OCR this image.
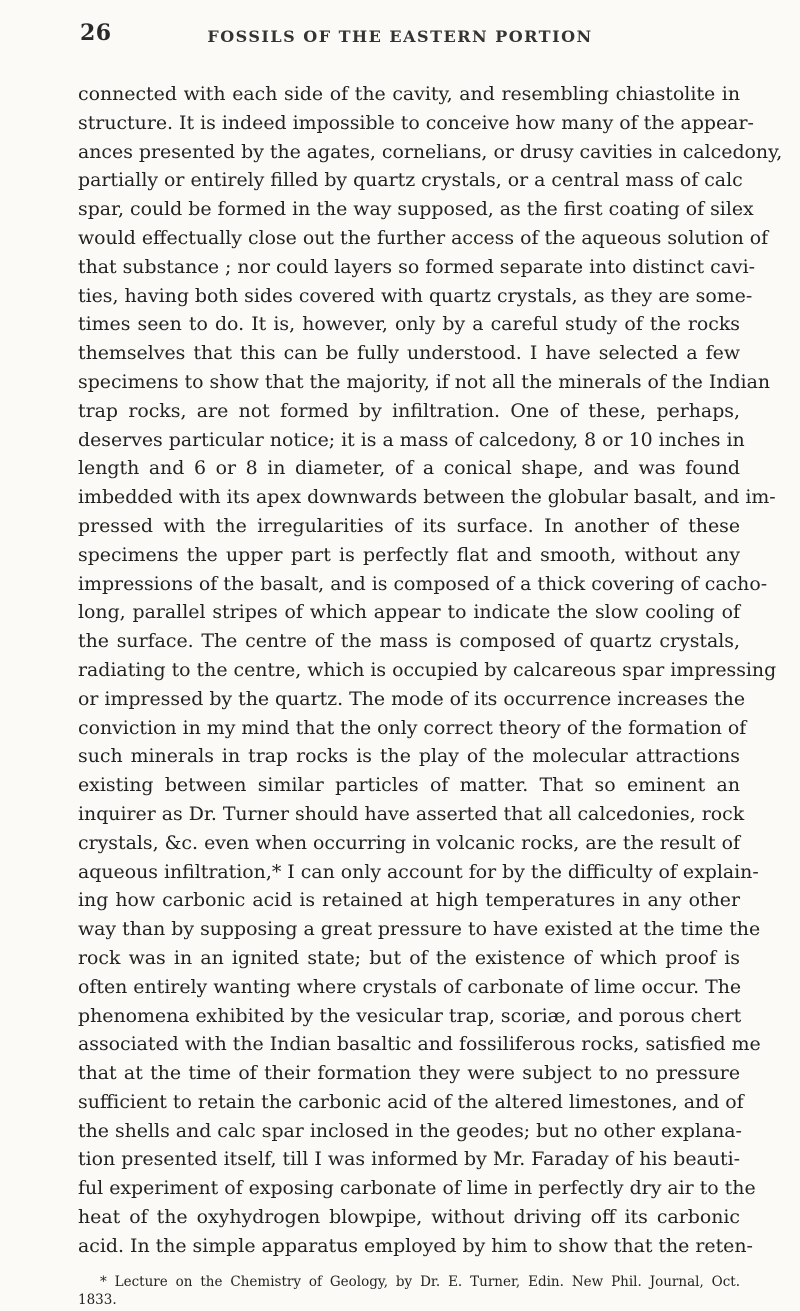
26	FOSSILS OF THE EASTERN PORTION
connected with each side of the cavity, and resembling chiastolite in
structure. It is indeed impossible to conceive how many of the appear-
ances presented by the agates, cornelians, or drusy cavities in calcedony,
partially or entirely filled by quartz crystals, or a central mass of calc
spar, could be formed in the way supposed, as the first coating of silex
would effectually close out the further access of the aqueous solution of
that substance ; nor could layers so formed separate into distinct cavi-
ties, having both sides covered with quartz crystals, as they are some-
times seen to do. It is, however, only by a careful study of the rocks
themselves that this can be fully understood. I have selected a few
specimens to show that the majority, if not all the minerals of the Indian
trap rocks, are not formed by infiltration. One of these, perhaps,
deserves particular notice; it is a mass of calcedony, 8 or 10 inches in
length and 6 or 8 in diameter, of a conical shape, and was found
imbedded with its apex downwards between the globular basalt, and im-
pressed with the irregularities of its surface. In another of these
specimens the upper part is perfectly flat and smooth, without any
impressions of the basalt, and is composed of a thick covering of cacho-
long, parallel stripes of which appear to indicate the slow cooling of
the surface. The centre of the mass is composed of quartz crystals,
radiating to the centre, which is occupied by calcareous spar impressing
or impressed by the quartz. The mode of its occurrence increases the
conviction in my mind that the only correct theory of the formation of
such minerals in trap rocks is the play of the molecular attractions
existing between similar particles of matter. That so eminent an
inquirer as Dr. Turner should have asserted that all calcedonies, rock
crystals, &c. even when occurring in volcanic rocks, are the result of
aqueous infiltration,* I can only account for by the difficulty of explain-
ing how carbonic acid is retained at high temperatures in any other
way than by supposing a great pressure to have existed at the time the
rock was in an ignited state; but of the existence of which proof is
often entirely wanting where crystals of carbonate of lime occur. The
phenomena exhibited by the vesicular trap, scoriæ, and porous chert
associated with the Indian basaltic and fossiliferous rocks, satisfied me
that at the time of their formation they were subject to no pressure
sufficient to retain the carbonic acid of the altered limestones, and of
the shells and calc spar inclosed in the geodes; but no other explana-
tion presented itself, till I was informed by Mr. Faraday of his beauti-
ful experiment of exposing carbonate of lime in perfectly dry air to the
heat of the oxyhydrogen blowpipe, without driving off its carbonic
acid. In the simple apparatus employed by him to show that the reten-
* Lecture on the Chemistry of Geology, by Dr. E. Turner, Edin. New Phil. Journal, Oct.
1833.
